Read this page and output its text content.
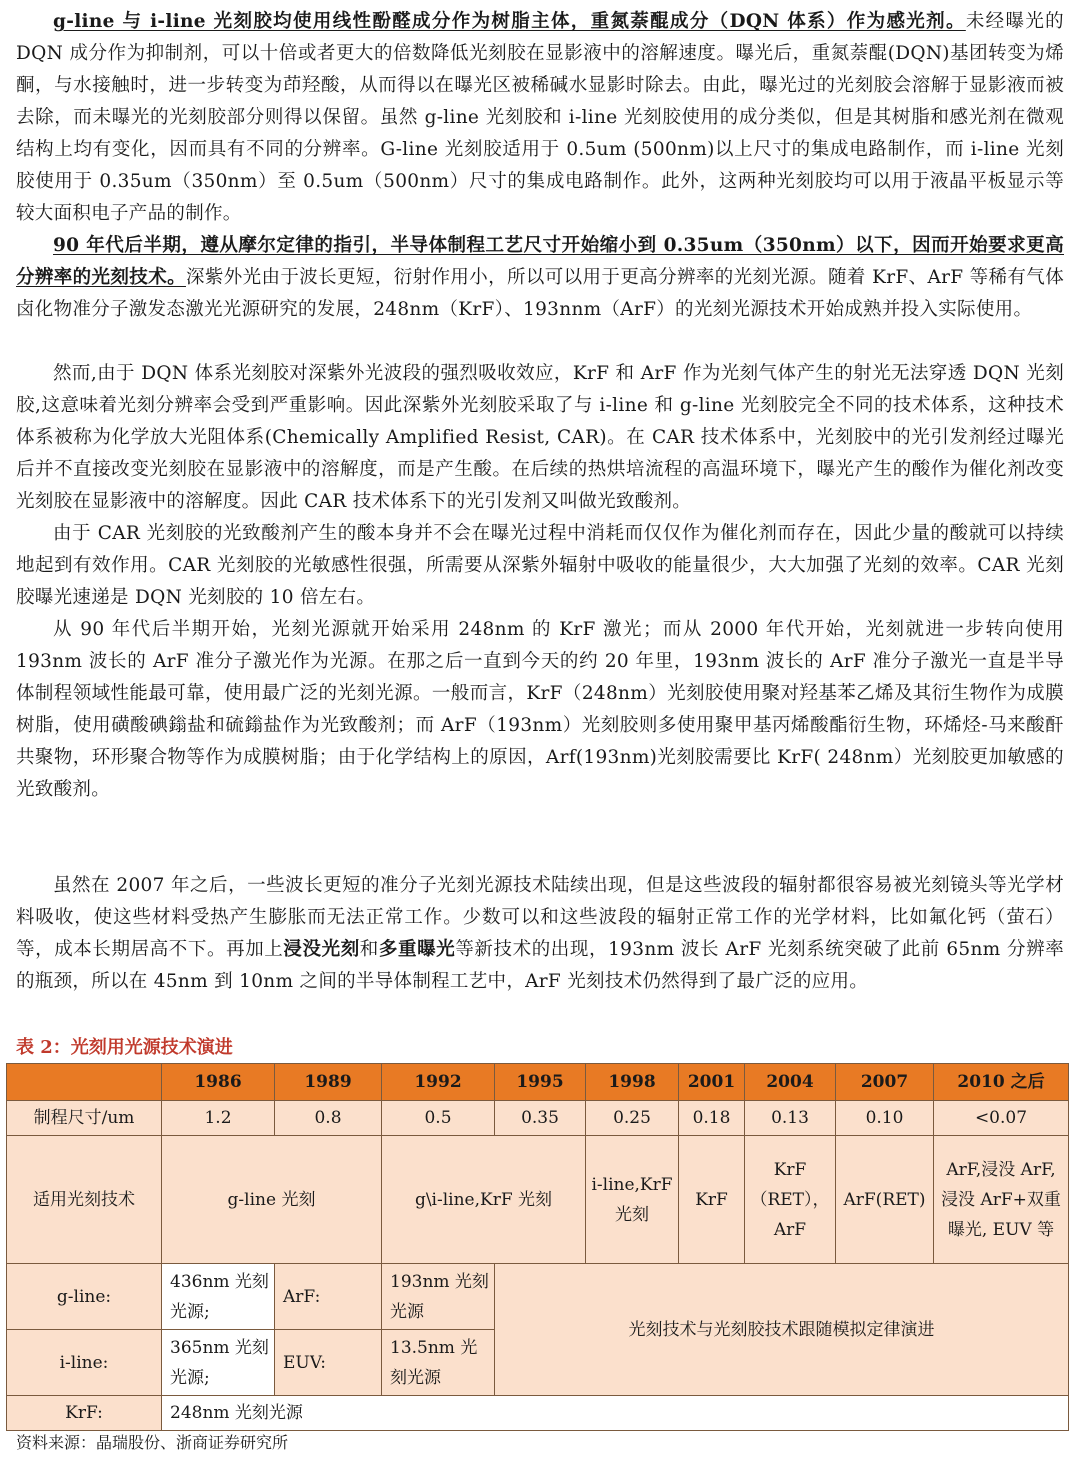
g-line 与 i-line 光刻胶均使用线性酚醛成分作为树脂主体，重氮萘醌成分（DQN 体系）作为感光剂。未经曝光的 DQN 成分作为抑制剂，可以十倍或者更大的倍数降低光刻胶在显影液中的溶解速度。曝光后，重氮萘醌(DQN)基团转变为烯酮，与水接触时，进一步转变为茚羟酸，从而得以在曝光区被稀碱水显影时除去。由此，曝光过的光刻胶会溶解于显影液而被去除，而未曝光的光刻胶部分则得以保留。虽然 g-line 光刻胶和 i-line 光刻胶使用的成分类似，但是其树脂和感光剂在微观结构上均有变化，因而具有不同的分辨率。G-line 光刻胶适用于 0.5um (500nm)以上尺寸的集成电路制作，而 i-line 光刻胶使用于 0.35um（350nm）至 0.5um（500nm）尺寸的集成电路制作。此外，这两种光刻胶均可以用于液晶平板显示等较大面积电子产品的制作。

90 年代后半期，遵从摩尔定律的指引，半导体制程工艺尺寸开始缩小到 0.35um（350nm）以下，因而开始要求更高分辨率的光刻技术。深紫外光由于波长更短，衍射作用小，所以可以用于更高分辨率的光刻光源。随着 KrF、ArF 等稀有气体卤化物准分子激发态激光光源研究的发展，248nm（KrF）、193nnm（ArF）的光刻光源技术开始成熟并投入实际使用。

然而,由于 DQN 体系光刻胶对深紫外光波段的强烈吸收效应，KrF 和 ArF 作为光刻气体产生的射光无法穿透 DQN 光刻胶,这意味着光刻分辨率会受到严重影响。因此深紫外光刻胶采取了与 i-line 和 g-line 光刻胶完全不同的技术体系，这种技术体系被称为化学放大光阻体系(Chemically Amplified Resist, CAR)。在 CAR 技术体系中，光刻胶中的光引发剂经过曝光后并不直接改变光刻胶在显影液中的溶解度，而是产生酸。在后续的热烘培流程的高温环境下，曝光产生的酸作为催化剂改变光刻胶在显影液中的溶解度。因此 CAR 技术体系下的光引发剂又叫做光致酸剂。

由于 CAR 光刻胶的光致酸剂产生的酸本身并不会在曝光过程中消耗而仅仅作为催化剂而存在，因此少量的酸就可以持续地起到有效作用。CAR 光刻胶的光敏感性很强，所需要从深紫外辐射中吸收的能量很少，大大加强了光刻的效率。CAR 光刻胶曝光速递是 DQN 光刻胶的 10 倍左右。

从 90 年代后半期开始，光刻光源就开始采用 248nm 的 KrF 激光；而从 2000 年代开始，光刻就进一步转向使用 193nm 波长的 ArF 准分子激光作为光源。在那之后一直到今天的约 20 年里，193nm 波长的 ArF 准分子激光一直是半导体制程领域性能最可靠，使用最广泛的光刻光源。一般而言，KrF（248nm）光刻胶使用聚对羟基苯乙烯及其衍生物作为成膜树脂，使用磺酸碘鎓盐和硫鎓盐作为光致酸剂；而 ArF（193nm）光刻胶则多使用聚甲基丙烯酸酯衍生物，环烯烃-马来酸酐共聚物，环形聚合物等作为成膜树脂；由于化学结构上的原因，Arf(193nm)光刻胶需要比 KrF( 248nm）光刻胶更加敏感的光致酸剂。

虽然在 2007 年之后，一些波长更短的准分子光刻光源技术陆续出现，但是这些波段的辐射都很容易被光刻镜头等光学材料吸收，使这些材料受热产生膨胀而无法正常工作。少数可以和这些波段的辐射正常工作的光学材料，比如氟化钙（萤石）等，成本长期居高不下。再加上浸没光刻和多重曝光等新技术的出现，193nm 波长 ArF 光刻系统突破了此前 65nm 分辨率的瓶颈，所以在 45nm 到 10nm 之间的半导体制程工艺中，ArF 光刻技术仍然得到了最广泛的应用。

表 2：光刻用光源技术演进

	1986	1989	1992	1995	1998	2001	2004	2007	2010 之后
制程尺寸/um	1.2	0.8	0.5	0.35	0.25	0.18	0.13	0.10	<0.07
适用光刻技术	g-line 光刻		g\i-line,KrF 光刻		i-line,KrF 光刻	KrF	KrF （RET），ArF	ArF(RET)	ArF,浸没 ArF,浸没 ArF+双重曝光, EUV 等
g-line:	436nm 光刻光源;	ArF:	193nm 光刻光源	光刻技术与光刻胶技术跟随模拟定律演进					
i-line:	365nm 光刻光源;	EUV:	13.5nm 光刻光源						
KrF:	248nm 光刻光源								

资料来源：晶瑞股份、浙商证券研究所
